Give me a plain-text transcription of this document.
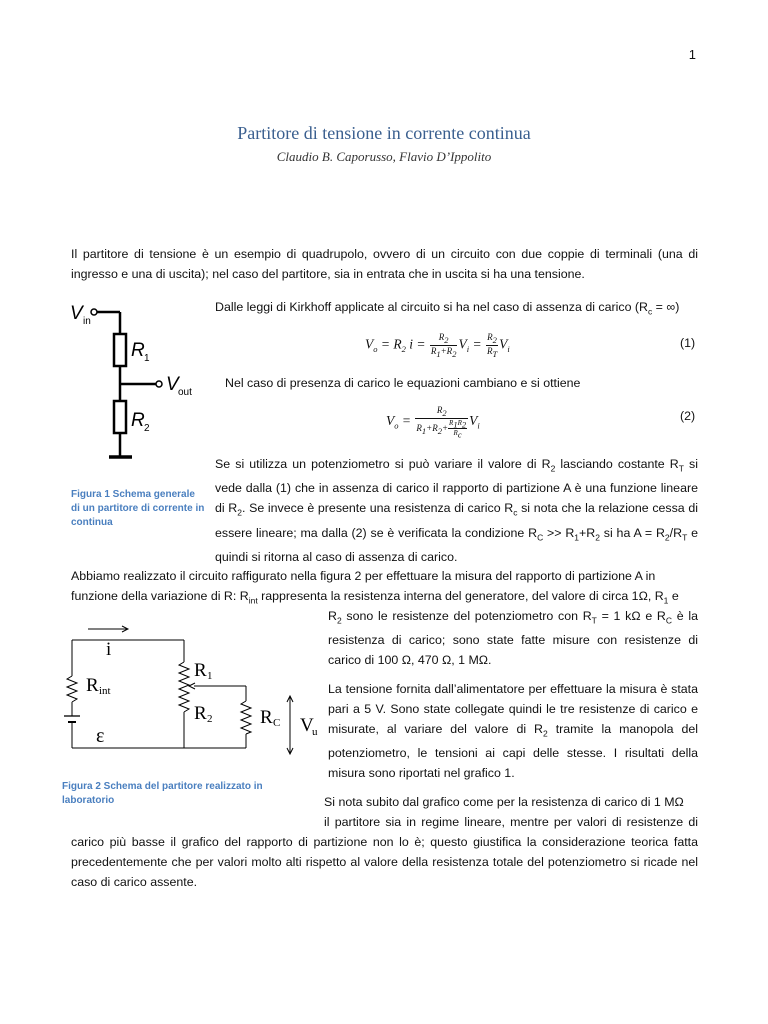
1
Partitore di tensione in corrente continua
Claudio B. Caporusso, Flavio D’Ippolito
Il partitore di tensione è un esempio di quadrupolo, ovvero di un circuito con due coppie di terminali (una di ingresso e una di uscita); nel caso del partitore, sia in entrata che in uscita si ha una tensione.
V in
R 1
V out
R 2
Figura 1 Schema generale di un partitore di corrente in continua
Dalle leggi di Kirkhoff applicate al circuito si ha nel caso di assenza di carico ($R_c$ = ∞)
$V_o = R_2$ $i = \frac{R_2}{R_1+R_2} V_i = \frac{R_2}{R_T} V_i$	(1)
Nel caso di presenza di carico le equazioni cambiano e si ottiene
$V_o = \frac{R_2}{R_1+R_2+ \frac{R_1R_2}{R_c}} V_i$
(2)
Se si utilizza un potenziometro si può variare il valore di $R_2$ lasciando costante $R_T$ si vede dalla (1) che in assenza di carico il rapporto di partizione A è una funzione lineare di $R_2$. Se invece è presente una resistenza di carico $R_c$ si nota che la relazione cessa di essere lineare; ma dalla (2) se è verificata la condizione $R_C >> R_1+R_2$ si ha $A = R_2/R_T$ e quindi si ritorna al caso di assenza di carico.
Abbiamo realizzato il circuito raffigurato nella figura 2 per effettuare la misura del rapporto di partizione A in
funzione della variazione di R: $R_{int}$ rappresenta la resistenza interna del generatore, del valore di circa 1Ω, $R_1$ e
$R_2$ sono le resistenze del potenziometro con $R_T = 1$ kΩ e $R_C$ è la resistenza di carico; sono state fatte misure con resistenze di carico di 100 Ω, 470 Ω, 1 MΩ.
i
R int
ε
R 1
R 2	R C V
u
Figura 2 Schema del partitore realizzato in laboratorio
La tensione fornita dall’alimentatore per effettuare la misura è stata pari a 5 V. Sono state collegate quindi le tre resistenze di carico e misurate, al variare del valore di $R_2$ tramite la manopola del potenziometro, le tensioni ai capi delle stesse. I risultati della misura sono riportati nel grafico 1.
Si nota subito dal grafico come per la resistenza di carico di 1 MΩ
il partitore sia in regime lineare, mentre per valori di resistenze di
carico più basse il grafico del rapporto di partizione non lo è; questo giustifica la considerazione teorica fatta precedentemente che per valori molto alti rispetto al valore della resistenza totale del potenziometro si ricade nel caso di carico assente.
